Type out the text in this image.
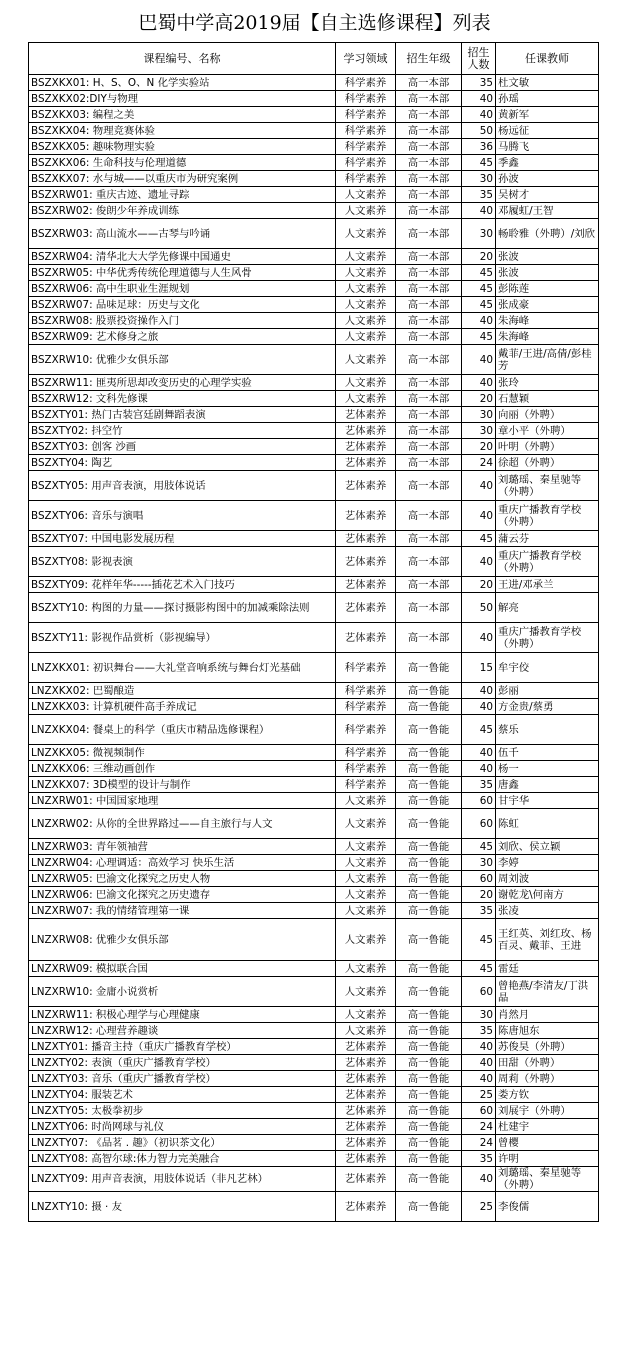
巴蜀中学高2019届【自主选修课程】列表
课程编号、名称	学习领域	招生年级	招生人数	任课教师
BSZXKX01: H、S、O、N 化学实验站	科学素养	高一本部	35	杜文敏
BSZXKX02:DIY与物理	科学素养	高一本部	40	孙瑶
BSZXKX03: 编程之美	科学素养	高一本部	40	黄新军
BSZXKX04: 物理竞赛体验	科学素养	高一本部	50	杨远征
BSZXKX05: 趣味物理实验	科学素养	高一本部	36	马腾飞
BSZXKX06: 生命科技与伦理道德	科学素养	高一本部	45	季鑫
BSZXKX07: 水与城——以重庆市为研究案例	科学素养	高一本部	30	孙波
BSZXRW01: 重庆古迹、遗址寻踪	人文素养	高一本部	35	吴树才
BSZXRW02: 俊朗少年养成训练	人文素养	高一本部	40	邓履虹/王智
BSZXRW03: 高山流水——古琴与吟诵	人文素养	高一本部	30	畅聆雅（外聘）/刘欣
BSZXRW04: 清华北大大学先修课中国通史	人文素养	高一本部	20	张波
BSZXRW05: 中华优秀传统伦理道德与人生风骨	人文素养	高一本部	45	张波
BSZXRW06: 高中生职业生涯规划	人文素养	高一本部	45	彭陈莲
BSZXRW07: 品味足球：历史与文化	人文素养	高一本部	45	张成豪
BSZXRW08: 股票投资操作入门	人文素养	高一本部	40	朱海峰
BSZXRW09: 艺术修身之旅	人文素养	高一本部	45	朱海峰
BSZXRW10: 优雅少女俱乐部	人文素养	高一本部	40	戴菲/王进/高倩/彭桂芳
BSZXRW11: 匪夷所思却改变历史的心理学实验	人文素养	高一本部	40	张玲
BSZXRW12: 文科先修课	人文素养	高一本部	20	石慧颖
BSZXTY01: 热门古装宫廷剧舞蹈表演	艺体素养	高一本部	30	向丽（外聘）
BSZXTY02: 抖空竹	艺体素养	高一本部	30	章小平（外聘）
BSZXTY03: 创客 沙画	艺体素养	高一本部	20	叶明（外聘）
BSZXTY04: 陶艺	艺体素养	高一本部	24	徐超（外聘）
BSZXTY05: 用声音表演，用肢体说话	艺体素养	高一本部	40	刘璐瑶、秦星驰等（外聘）
BSZXTY06: 音乐与演唱	艺体素养	高一本部	40	重庆广播教育学校（外聘）
BSZXTY07: 中国电影发展历程	艺体素养	高一本部	45	蒲云芬
BSZXTY08: 影视表演	艺体素养	高一本部	40	重庆广播教育学校（外聘）
BSZXTY09: 花样年华-----插花艺术入门技巧	艺体素养	高一本部	20	王进/邓承兰
BSZXTY10: 构图的力量——探讨摄影构图中的加减乘除法则	艺体素养	高一本部	50	解亮
BSZXTY11: 影视作品赏析（影视编导）	艺体素养	高一本部	40	重庆广播教育学校（外聘）
LNZXKX01: 初识舞台——大礼堂音响系统与舞台灯光基础	科学素养	高一鲁能	15	牟宇佼
LNZXKX02: 巴蜀酿造	科学素养	高一鲁能	40	彭丽
LNZXKX03: 计算机硬件高手养成记	科学素养	高一鲁能	40	方金贵/蔡勇
LNZXKX04: 餐桌上的科学（重庆市精品选修课程）	科学素养	高一鲁能	45	蔡乐
LNZXKX05: 微视频制作	科学素养	高一鲁能	40	伍千
LNZXKX06: 三维动画创作	科学素养	高一鲁能	40	杨一
LNZXKX07: 3D模型的设计与制作	科学素养	高一鲁能	35	唐鑫
LNZXRW01: 中国国家地理	人文素养	高一鲁能	60	甘宇华
LNZXRW02: 从你的全世界路过——自主旅行与人文	人文素养	高一鲁能	60	陈虹
LNZXRW03: 青年领袖营	人文素养	高一鲁能	45	刘欣、侯立颖
LNZXRW04: 心理调适：高效学习 快乐生活	人文素养	高一鲁能	30	李婷
LNZXRW05: 巴渝文化探究之历史人物	人文素养	高一鲁能	60	周刘波
LNZXRW06: 巴渝文化探究之历史遗存	人文素养	高一鲁能	20	谢乾龙\何南方
LNZXRW07: 我的情绪管理第一课	人文素养	高一鲁能	35	张凌
LNZXRW08: 优雅少女俱乐部	人文素养	高一鲁能	45	王红英、刘红玫、杨百灵、戴菲、王进
LNZXRW09: 模拟联合国	人文素养	高一鲁能	45	雷廷
LNZXRW10: 金庸小说赏析	人文素养	高一鲁能	60	曾艳燕/李清友/丁洪晶
LNZXRW11: 积极心理学与心理健康	人文素养	高一鲁能	30	肖然月
LNZXRW12: 心理营养趣谈	人文素养	高一鲁能	35	陈唐旭东
LNZXTY01: 播音主持（重庆广播教育学校）	艺体素养	高一鲁能	40	苏俊昊（外聘）
LNZXTY02: 表演（重庆广播教育学校）	艺体素养	高一鲁能	40	田甜（外聘）
LNZXTY03: 音乐（重庆广播教育学校）	艺体素养	高一鲁能	40	周莉（外聘）
LNZXTY04: 服装艺术	艺体素养	高一鲁能	25	娄方钦
LNZXTY05: 太极拳初步	艺体素养	高一鲁能	60	刘展宇（外聘）
LNZXTY06: 时尚网球与礼仪	艺体素养	高一鲁能	24	杜建宇
LNZXTY07: 《品茗 . 趣》（初识茶文化）	艺体素养	高一鲁能	24	曾樱
LNZXTY08: 高智尔球:体力智力完美融合	艺体素养	高一鲁能	35	许明
LNZXTY09: 用声音表演，用肢体说话（非凡艺林）	艺体素养	高一鲁能	40	刘璐瑶、秦星驰等（外聘）
LNZXTY10: 摄 · 友	艺体素养	高一鲁能	25	李俊儒
